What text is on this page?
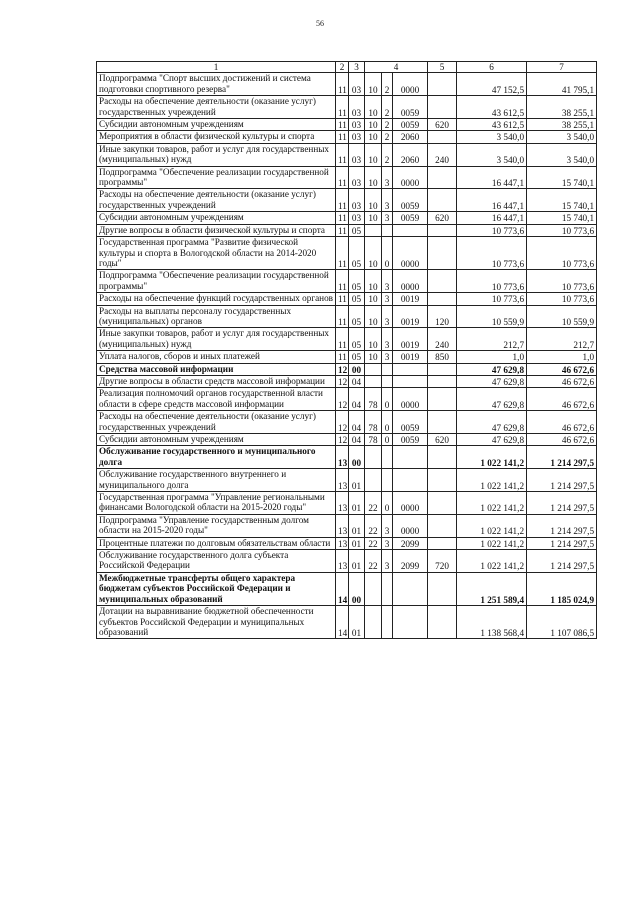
56
1	2	3	4			5	6	7
Подпрограмма "Спорт высших достижений и система подготовки спортивного резерва"	11	03	10	2	0000		47 152,5	41 795,1
Расходы на обеспечение деятельности (оказание услуг) государственных учреждений	11	03	10	2	0059		43 612,5	38 255,1
Субсидии автономным учреждениям	11	03	10	2	0059	620	43 612,5	38 255,1
Мероприятия в области физической культуры и спорта	11	03	10	2	2060		3 540,0	3 540,0
Иные закупки товаров, работ и услуг для государственных (муниципальных) нужд	11	03	10	2	2060	240	3 540,0	3 540,0
Подпрограмма "Обеспечение реализации государственной программы"	11	03	10	3	0000		16 447,1	15 740,1
Расходы на обеспечение деятельности (оказание услуг) государственных учреждений	11	03	10	3	0059		16 447,1	15 740,1
Субсидии автономным учреждениям	11	03	10	3	0059	620	16 447,1	15 740,1
Другие вопросы в области физической культуры и спорта	11	05					10 773,6	10 773,6
Государственная программа "Развитие физической культуры и спорта в Вологодской области на 2014-2020 годы"	11	05	10	0	0000		10 773,6	10 773,6
Подпрограмма "Обеспечение реализации государственной программы"	11	05	10	3	0000		10 773,6	10 773,6
Расходы на обеспечение функций государственных органов	11	05	10	3	0019		10 773,6	10 773,6
Расходы на выплаты персоналу государственных (муниципальных) органов	11	05	10	3	0019	120	10 559,9	10 559,9
Иные закупки товаров, работ и услуг для государственных (муниципальных) нужд	11	05	10	3	0019	240	212,7	212,7
Уплата налогов, сборов и иных платежей	11	05	10	3	0019	850	1,0	1,0
Средства массовой информации	12	00					47 629,8	46 672,6
Другие вопросы в области средств массовой информации	12	04					47 629,8	46 672,6
Реализация полномочий органов государственной власти области в сфере средств массовой информации	12	04	78	0	0000		47 629,8	46 672,6
Расходы на обеспечение деятельности (оказание услуг) государственных учреждений	12	04	78	0	0059		47 629,8	46 672,6
Субсидии автономным учреждениям	12	04	78	0	0059	620	47 629,8	46 672,6
Обслуживание государственного и муниципального долга	13	00					1 022 141,2	1 214 297,5
Обслуживание государственного внутреннего и муниципального долга	13	01					1 022 141,2	1 214 297,5
Государственная программа "Управление региональными финансами Вологодской области на 2015-2020 годы"	13	01	22	0	0000		1 022 141,2	1 214 297,5
Подпрограмма "Управление государственным долгом области на 2015-2020 годы"	13	01	22	3	0000		1 022 141,2	1 214 297,5
Процентные платежи по долговым обязательствам области	13	01	22	3	2099		1 022 141,2	1 214 297,5
Обслуживание государственного долга субъекта Российской Федерации	13	01	22	3	2099	720	1 022 141,2	1 214 297,5
Межбюджетные трансферты общего характера бюджетам субъектов Российской Федерации и муниципальных образований	14	00					1 251 589,4	1 185 024,9
Дотации на выравнивание бюджетной обеспеченности субъектов Российской Федерации и муниципальных образований	14	01					1 138 568,4	1 107 086,5
